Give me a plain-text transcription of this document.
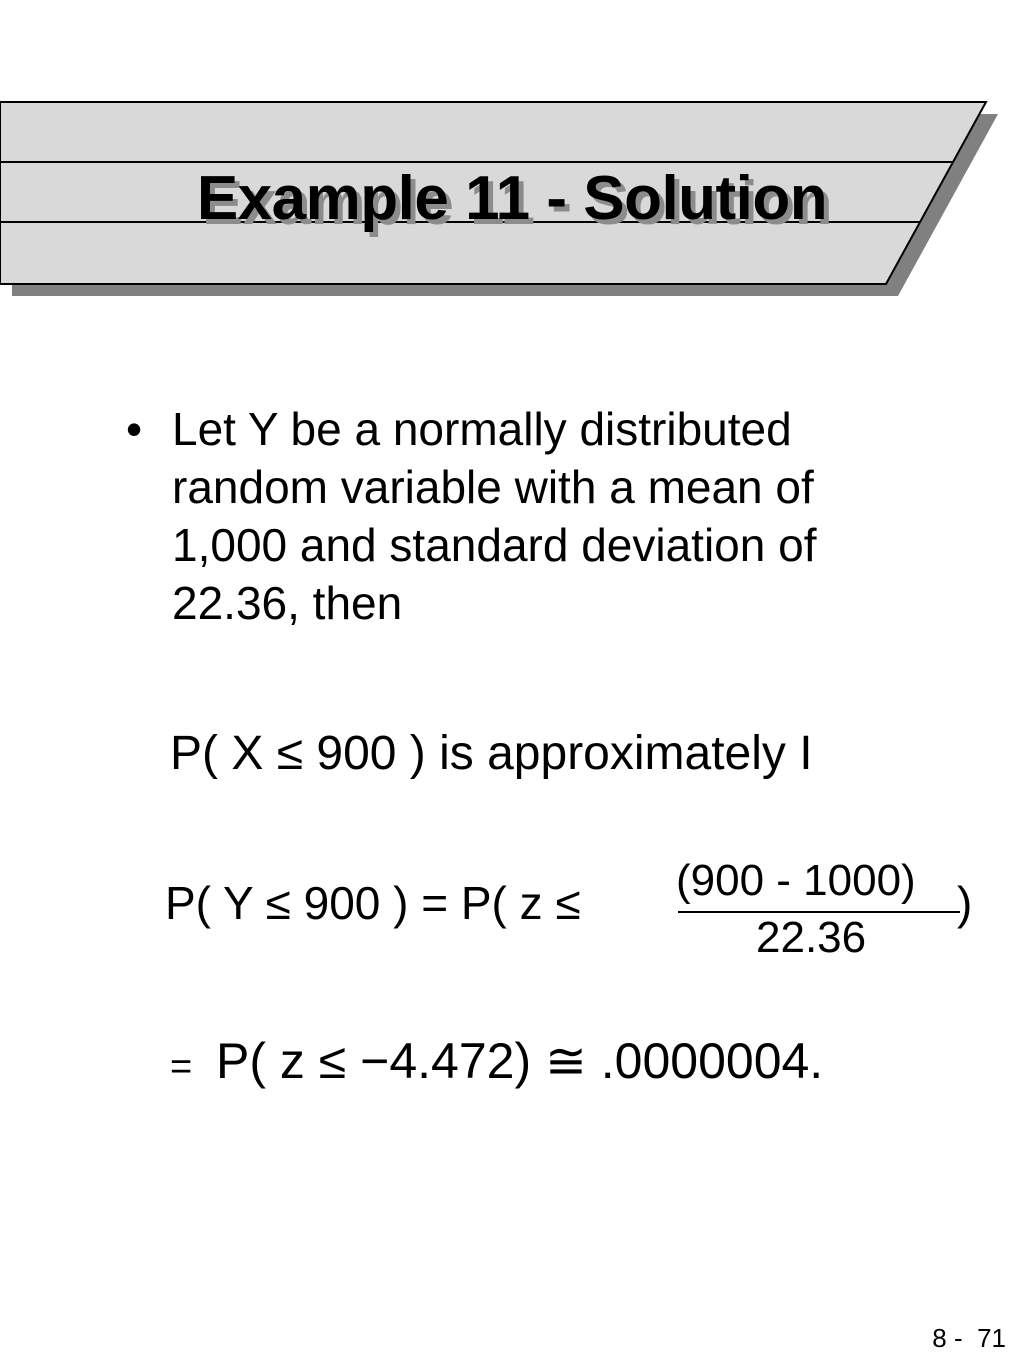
Example 11 - Solution
• Let Y be a normally distributed
random variable with a mean of
1,000 and standard deviation of
22.36, then
P( X ≤ 900 ) is approximately I
P( Y ≤ 900 ) = P( z ≤ (900 - 1000)
22.36
)
= P( z ≤ −4.472) ≅ .0000004.
8 -  71
